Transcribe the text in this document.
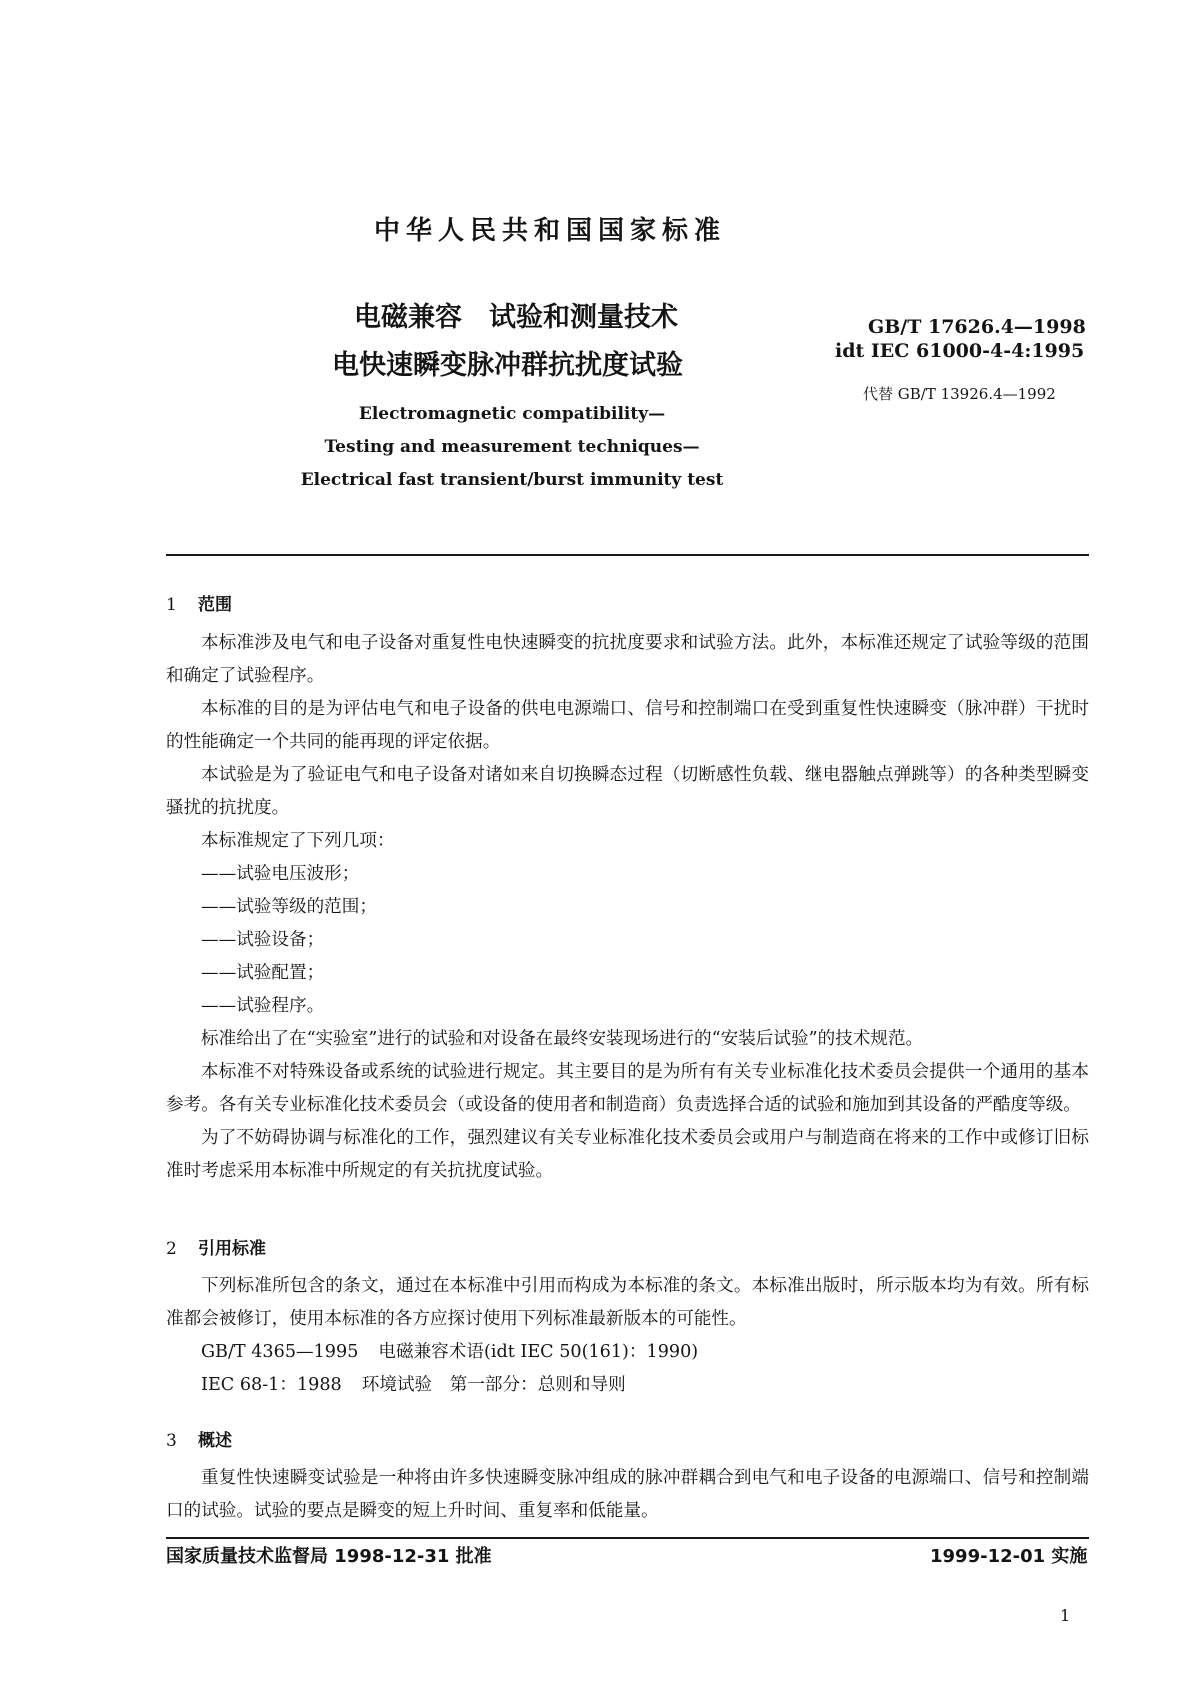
中华人民共和国国家标准
电磁兼容　试验和测量技术
电快速瞬变脉冲群抗扰度试验
GB/T 17626.4—1998
idt IEC 61000-4-4:1995
代替 GB/T 13926.4—1992
Electromagnetic compatibility—
Testing and measurement techniques—
Electrical fast transient/burst immunity test
1 范围

本标准涉及电气和电子设备对重复性电快速瞬变的抗扰度要求和试验方法。此外，本标准还规定了试验等级的范围和确定了试验程序。

本标准的目的是为评估电气和电子设备的供电电源端口、信号和控制端口在受到重复性快速瞬变（脉冲群）干扰时的性能确定一个共同的能再现的评定依据。

本试验是为了验证电气和电子设备对诸如来自切换瞬态过程（切断感性负载、继电器触点弹跳等）的各种类型瞬变骚扰的抗扰度。

本标准规定了下列几项：

——试验电压波形；

——试验等级的范围；

——试验设备；

——试验配置；

——试验程序。

标准给出了在“实验室”进行的试验和对设备在最终安装现场进行的“安装后试验”的技术规范。

本标准不对特殊设备或系统的试验进行规定。其主要目的是为所有有关专业标准化技术委员会提供一个通用的基本参考。各有关专业标准化技术委员会（或设备的使用者和制造商）负责选择合适的试验和施加到其设备的严酷度等级。

为了不妨碍协调与标准化的工作，强烈建议有关专业标准化技术委员会或用户与制造商在将来的工作中或修订旧标准时考虑采用本标准中所规定的有关抗扰度试验。

2 引用标准

下列标准所包含的条文，通过在本标准中引用而构成为本标准的条文。本标准出版时，所示版本均为有效。所有标准都会被修订，使用本标准的各方应探讨使用下列标准最新版本的可能性。

GB/T 4365—1995 电磁兼容术语(idt IEC 50(161)：1990)

IEC 68-1：1988 环境试验　第一部分：总则和导则

3 概述

重复性快速瞬变试验是一种将由许多快速瞬变脉冲组成的脉冲群耦合到电气和电子设备的电源端口、信号和控制端口的试验。试验的要点是瞬变的短上升时间、重复率和低能量。

国家质量技术监督局 1998-12-31 批准	1999-12-01 实施
1
